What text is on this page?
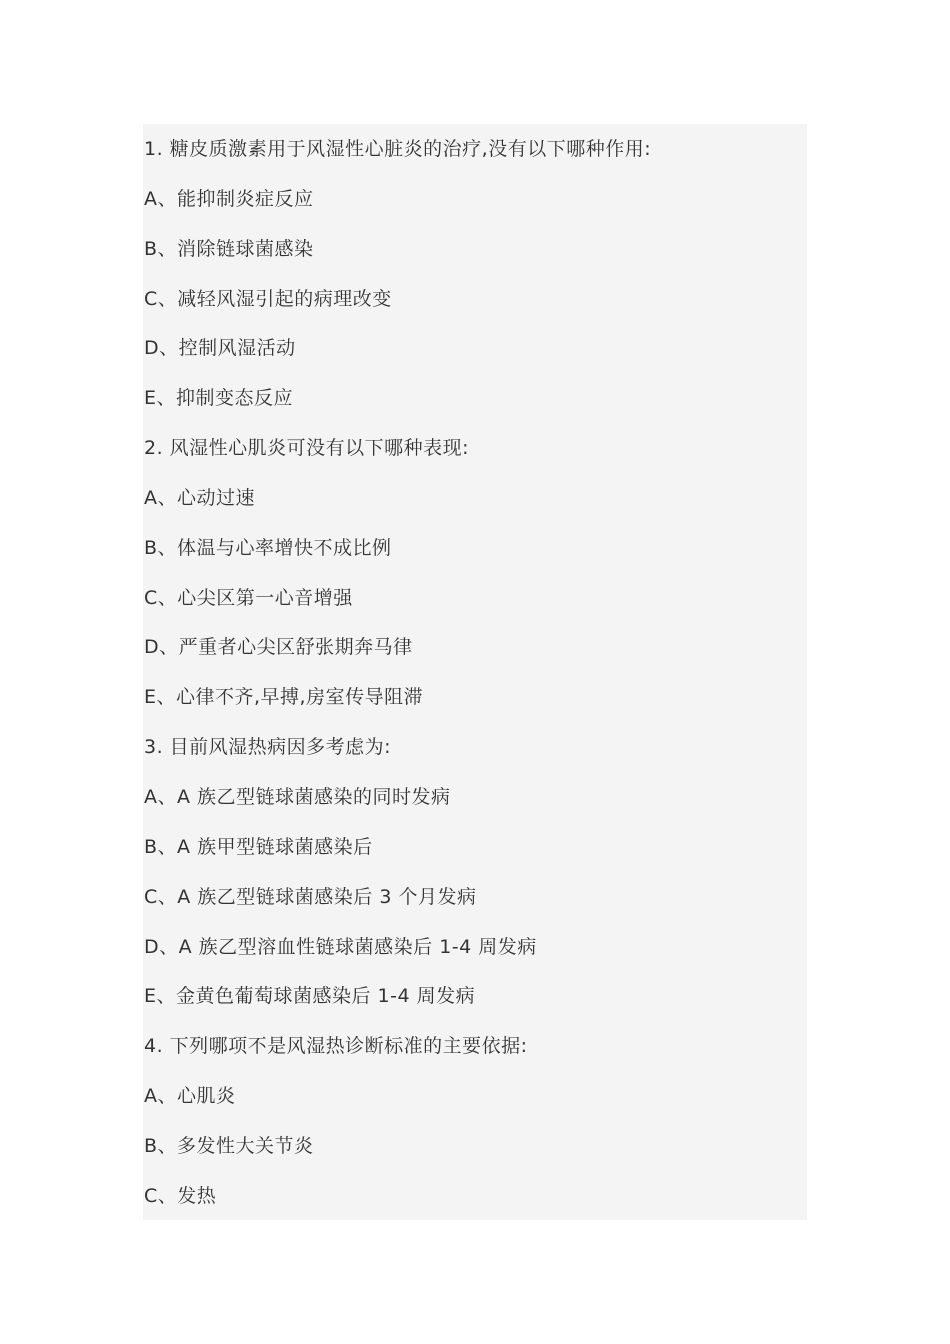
1. 糖皮质激素用于风湿性心脏炎的治疗,没有以下哪种作用:
A、能抑制炎症反应
B、消除链球菌感染
C、减轻风湿引起的病理改变
D、控制风湿活动
E、抑制变态反应
2. 风湿性心肌炎可没有以下哪种表现:
A、心动过速
B、体温与心率增快不成比例
C、心尖区第一心音增强
D、严重者心尖区舒张期奔马律
E、心律不齐,早搏,房室传导阻滞
3. 目前风湿热病因多考虑为:
A、A 族乙型链球菌感染的同时发病
B、A 族甲型链球菌感染后
C、A 族乙型链球菌感染后 3 个月发病
D、A 族乙型溶血性链球菌感染后 1-4 周发病
E、金黄色葡萄球菌感染后 1-4 周发病
4. 下列哪项不是风湿热诊断标准的主要依据:
A、心肌炎
B、多发性大关节炎
C、发热
